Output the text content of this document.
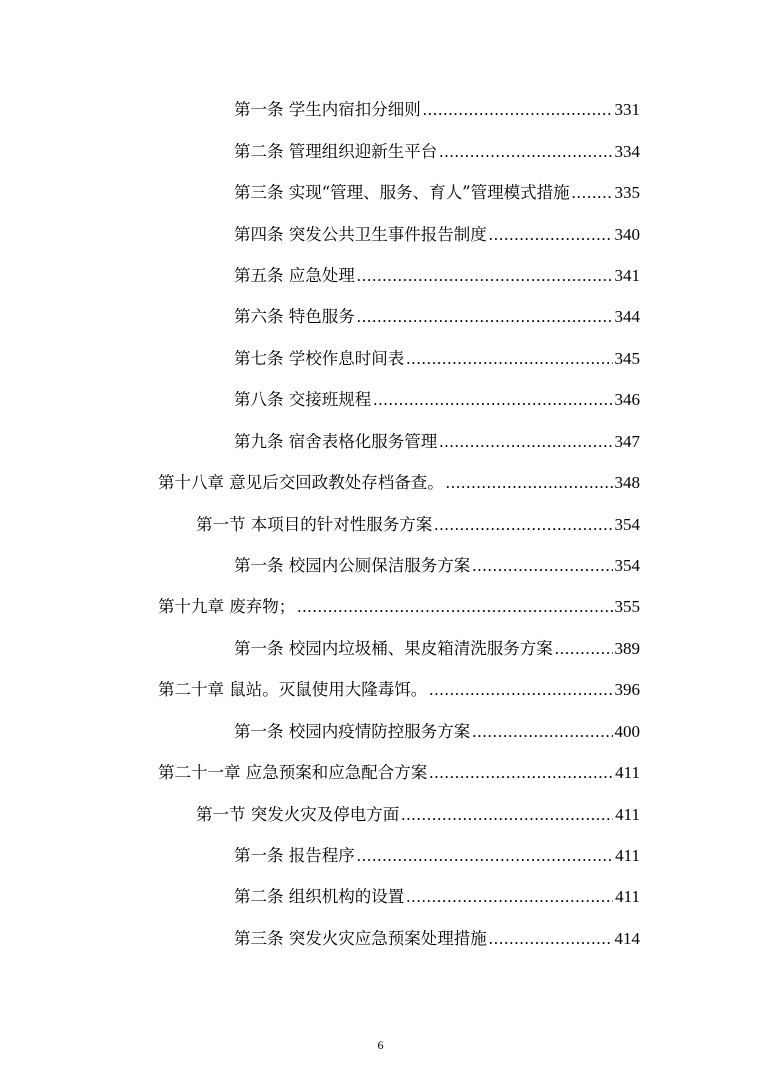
第一条 学生内宿扣分细则 .....	331
第二条 管理组织迎新生平台 .....	334
第三条 实现“管理、服务、育人”管理模式措施 .....	335
第四条 突发公共卫生事件报告制度 .....	340
第五条 应急处理 .....	341
第六条 特色服务 .....	344
第七条 学校作息时间表 .....	345
第八条 交接班规程 .....	346
第九条 宿舍表格化服务管理 .....	347
第十八章 意见后交回政教处存档备查。 .....	348
第一节 本项目的针对性服务方案 .....	354
第一条 校园内公厕保洁服务方案 .....	354
第十九章 废弃物； .....	355
第一条 校园内垃圾桶、果皮箱清洗服务方案 .....	389
第二十章 鼠站。灭鼠使用大隆毒饵。 .....	396
第一条 校园内疫情防控服务方案 .....	400
第二十一章 应急预案和应急配合方案 .....	411
第一节 突发火灾及停电方面 .....	411
第一条 报告程序 .....	411
第二条 组织机构的设置 .....	411
第三条 突发火灾应急预案处理措施 .....	414
6
